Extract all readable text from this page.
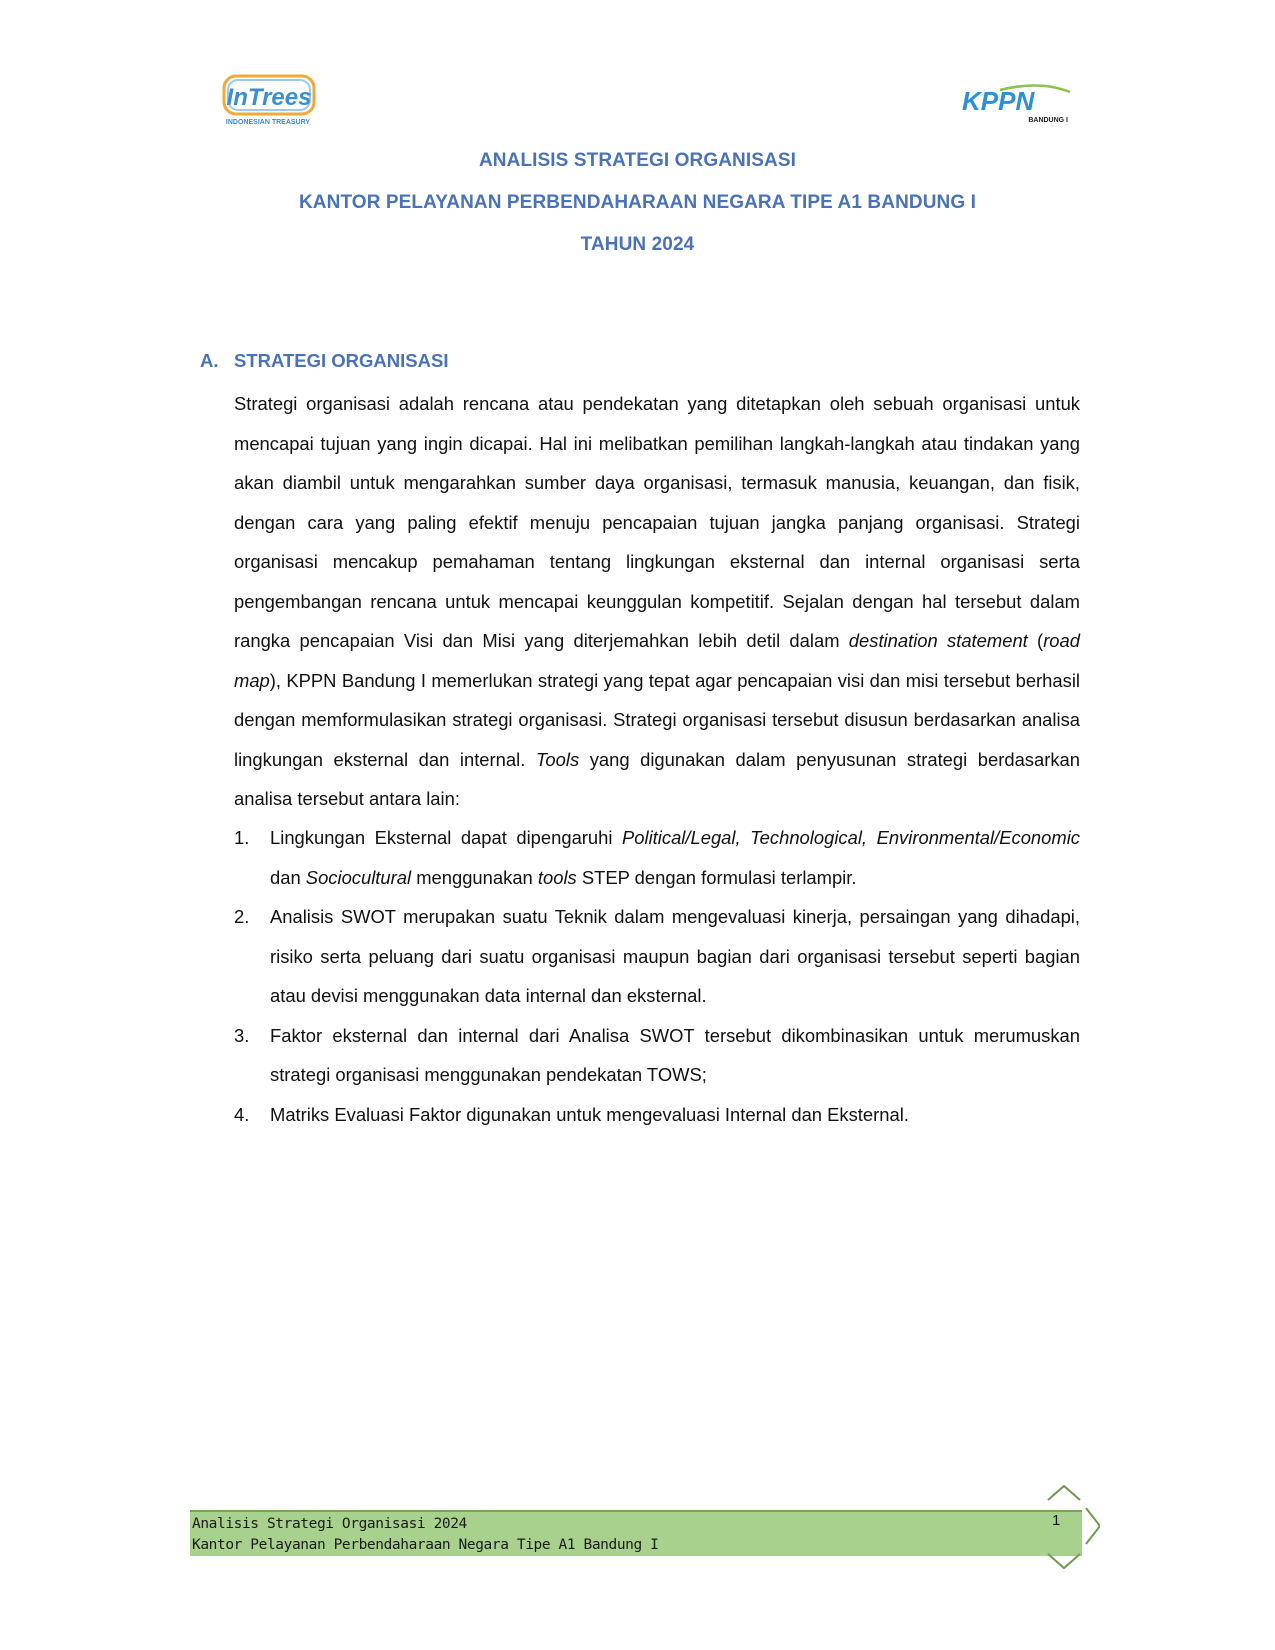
InTrees
INDONESIAN TREASURY
KPPN
BANDUNG I
ANALISIS STRATEGI ORGANISASI
KANTOR PELAYANAN PERBENDAHARAAN NEGARA TIPE A1 BANDUNG I
TAHUN 2024
A. STRATEGI ORGANISASI

Strategi organisasi adalah rencana atau pendekatan yang ditetapkan oleh sebuah organisasi untuk mencapai tujuan yang ingin dicapai. Hal ini melibatkan pemilihan langkah-langkah atau tindakan yang akan diambil untuk mengarahkan sumber daya organisasi, termasuk manusia, keuangan, dan fisik, dengan cara yang paling efektif menuju pencapaian tujuan jangka panjang organisasi. Strategi organisasi mencakup pemahaman tentang lingkungan eksternal dan internal organisasi serta pengembangan rencana untuk mencapai keunggulan kompetitif. Sejalan dengan hal tersebut dalam rangka pencapaian Visi dan Misi yang diterjemahkan lebih detil dalam destination statement (road map), KPPN Bandung I memerlukan strategi yang tepat agar pencapaian visi dan misi tersebut berhasil dengan memformulasikan strategi organisasi. Strategi organisasi tersebut disusun berdasarkan analisa lingkungan eksternal dan internal. Tools yang digunakan dalam penyusunan strategi berdasarkan analisa tersebut antara lain:

1. Lingkungan Eksternal dapat dipengaruhi Political/Legal, Technological, Environmental/Economic dan Sociocultural menggunakan tools STEP dengan formulasi terlampir.
2. Analisis SWOT merupakan suatu Teknik dalam mengevaluasi kinerja, persaingan yang dihadapi, risiko serta peluang dari suatu organisasi maupun bagian dari organisasi tersebut seperti bagian atau devisi menggunakan data internal dan eksternal.
3. Faktor eksternal dan internal dari Analisa SWOT tersebut dikombinasikan untuk merumuskan strategi organisasi menggunakan pendekatan TOWS;
4. Matriks Evaluasi Faktor digunakan untuk mengevaluasi Internal dan Eksternal.
Analisis Strategi Organisasi 2024
Kantor Pelayanan Perbendaharaan Negara Tipe A1 Bandung I
1
